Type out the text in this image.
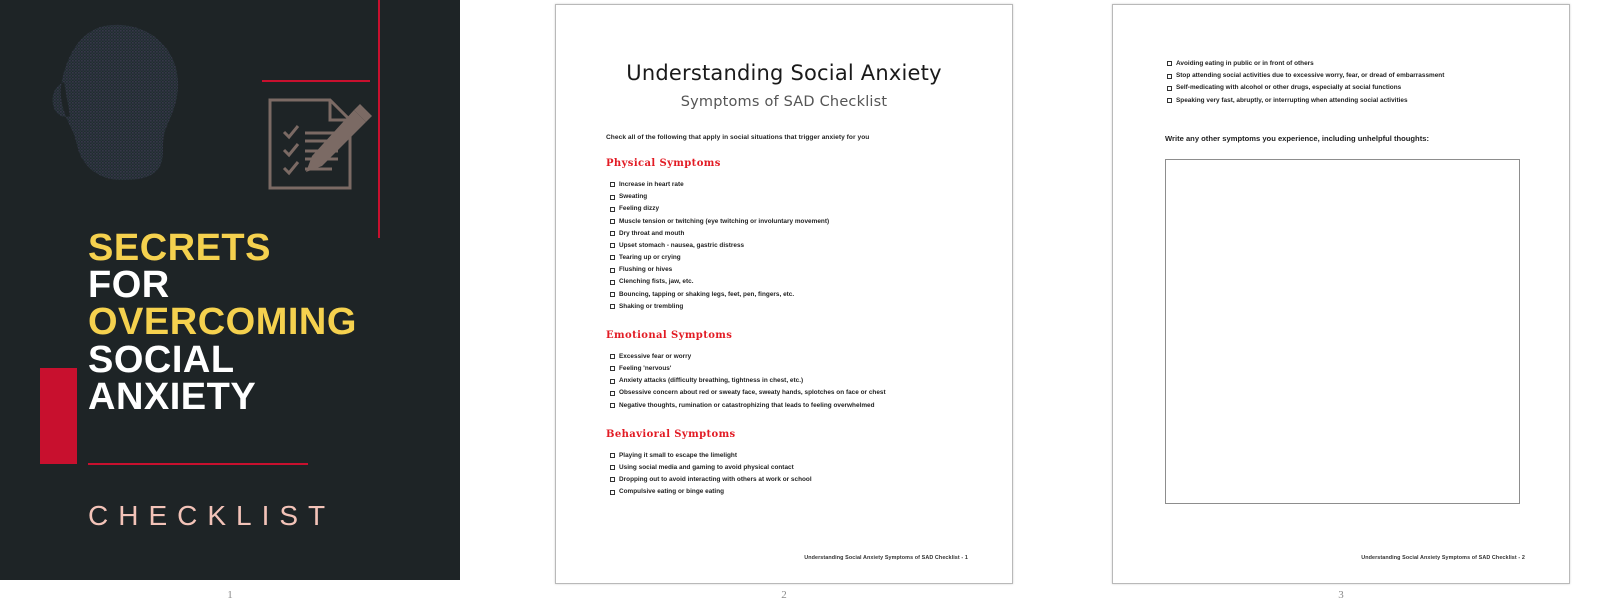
SECRETS
FOR
OVERCOMING
SOCIAL
ANXIETY
CHECKLIST
Understanding Social Anxiety
Symptoms of SAD Checklist
Check all of the following that apply in social situations that trigger anxiety for you
Physical Symptoms
Increase in heart rate
Sweating
Feeling dizzy
Muscle tension or twitching (eye twitching or involuntary movement)
Dry throat and mouth
Upset stomach - nausea, gastric distress
Tearing up or crying
Flushing or hives
Clenching fists, jaw, etc.
Bouncing, tapping or shaking legs, feet, pen, fingers, etc.
Shaking or trembling
Emotional Symptoms
Excessive fear or worry
Feeling 'nervous'
Anxiety attacks (difficulty breathing, tightness in chest, etc.)
Obsessive concern about red or sweaty face, sweaty hands, splotches on face or chest
Negative thoughts, rumination or catastrophizing that leads to feeling overwhelmed
Behavioral Symptoms
Playing it small to escape the limelight
Using social media and gaming to avoid physical contact
Dropping out to avoid interacting with others at work or school
Compulsive eating or binge eating
Understanding Social Anxiety Symptoms of SAD Checklist - 1
Avoiding eating in public or in front of others
Stop attending social activities due to excessive worry, fear, or dread of embarrassment
Self-medicating with alcohol or other drugs, especially at social functions
Speaking very fast, abruptly, or interrupting when attending social activities
Write any other symptoms you experience, including unhelpful thoughts:
Understanding Social Anxiety Symptoms of SAD Checklist - 2
1	2	3
